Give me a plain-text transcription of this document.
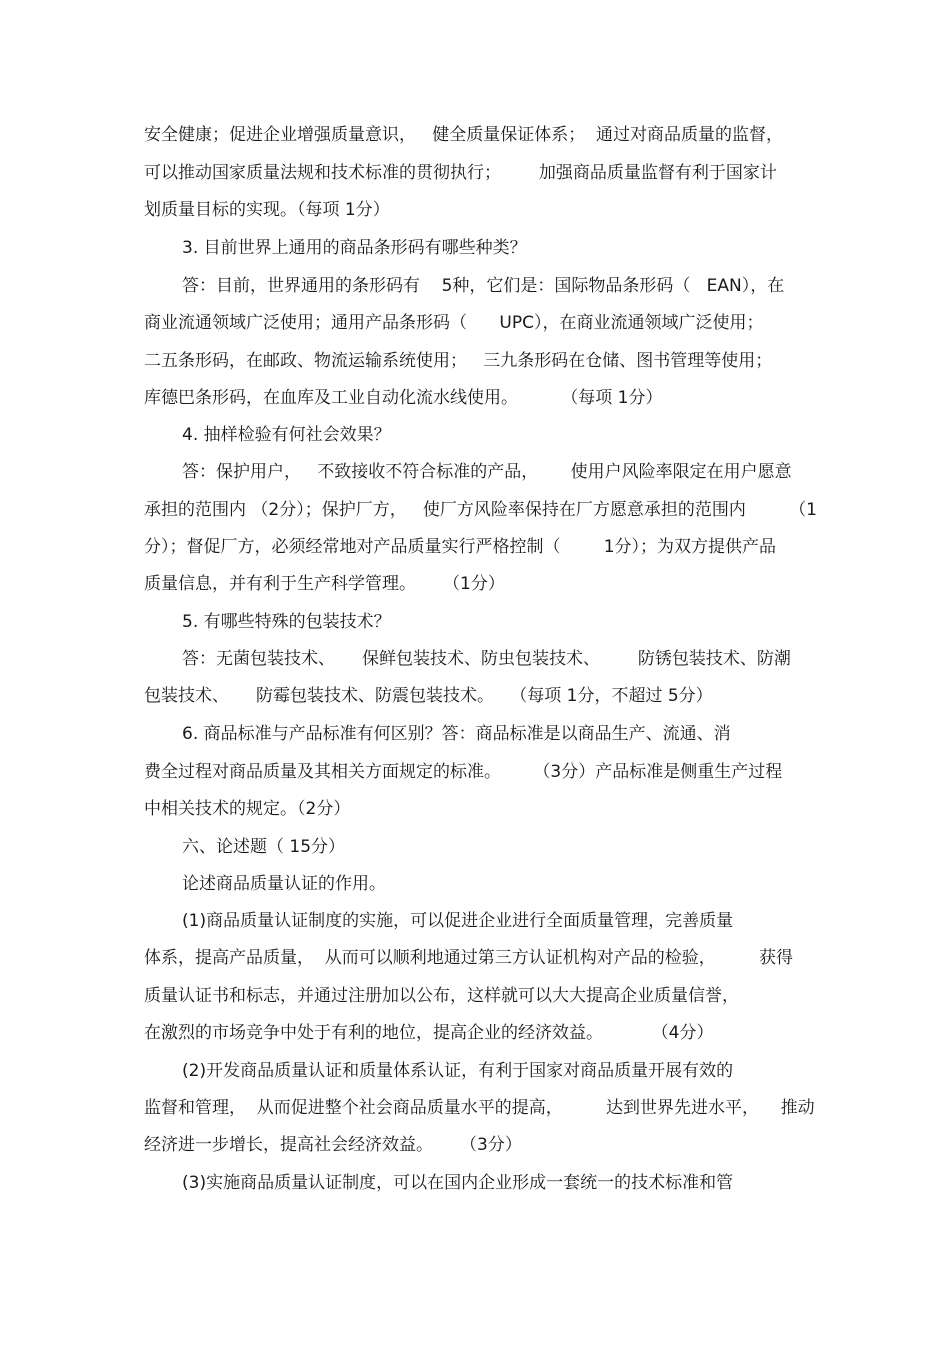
安全健康；促进企业增强质量意识，   健全质量保证体系；  通过对商品质量的监督，
可以推动国家质量法规和技术标准的贯彻执行；       加强商品质量监督有利于国家计
划质量目标的实现。（每项 1分）
3. 目前世界上通用的商品条形码有哪些种类？
答：目前，世界通用的条形码有    5种，它们是：国际物品条形码（   EAN），在
商业流通领域广泛使用；通用产品条形码（      UPC），在商业流通领域广泛使用；
二五条形码，在邮政、物流运输系统使用；   三九条形码在仓储、图书管理等使用；
库德巴条形码，在血库及工业自动化流水线使用。        （每项 1分）
4. 抽样检验有何社会效果？
答：保护用户，   不致接收不符合标准的产品，      使用户风险率限定在用户愿意
承担的范围内 （2分）；保护厂方，   使厂方风险率保持在厂方愿意承担的范围内        （1
分）；督促厂方，必须经常地对产品质量实行严格控制（        1分）；为双方提供产品
质量信息，并有利于生产科学管理。     （1分）
5. 有哪些特殊的包装技术？
答：无菌包装技术、     保鲜包装技术、防虫包装技术、       防锈包装技术、防潮
包装技术、     防霉包装技术、防震包装技术。   （每项 1分，不超过 5分）
6. 商品标准与产品标准有何区别？答：商品标准是以商品生产、流通、消
费全过程对商品质量及其相关方面规定的标准。      （3分）产品标准是侧重生产过程
中相关技术的规定。（2分）
六、论述题（ 15分）
论述商品质量认证的作用。
(1)商品质量认证制度的实施，可以促进企业进行全面质量管理，完善质量
体系，提高产品质量，  从而可以顺利地通过第三方认证机构对产品的检验，        获得
质量认证书和标志，并通过注册加以公布，这样就可以大大提高企业质量信誉，
在激烈的市场竞争中处于有利的地位，提高企业的经济效益。         （4分）
(2)开发商品质量认证和质量体系认证，有利于国家对商品质量开展有效的
监督和管理，  从而促进整个社会商品质量水平的提高，        达到世界先进水平，    推动
经济进一步增长，提高社会经济效益。     （3分）
(3)实施商品质量认证制度，可以在国内企业形成一套统一的技术标准和管
